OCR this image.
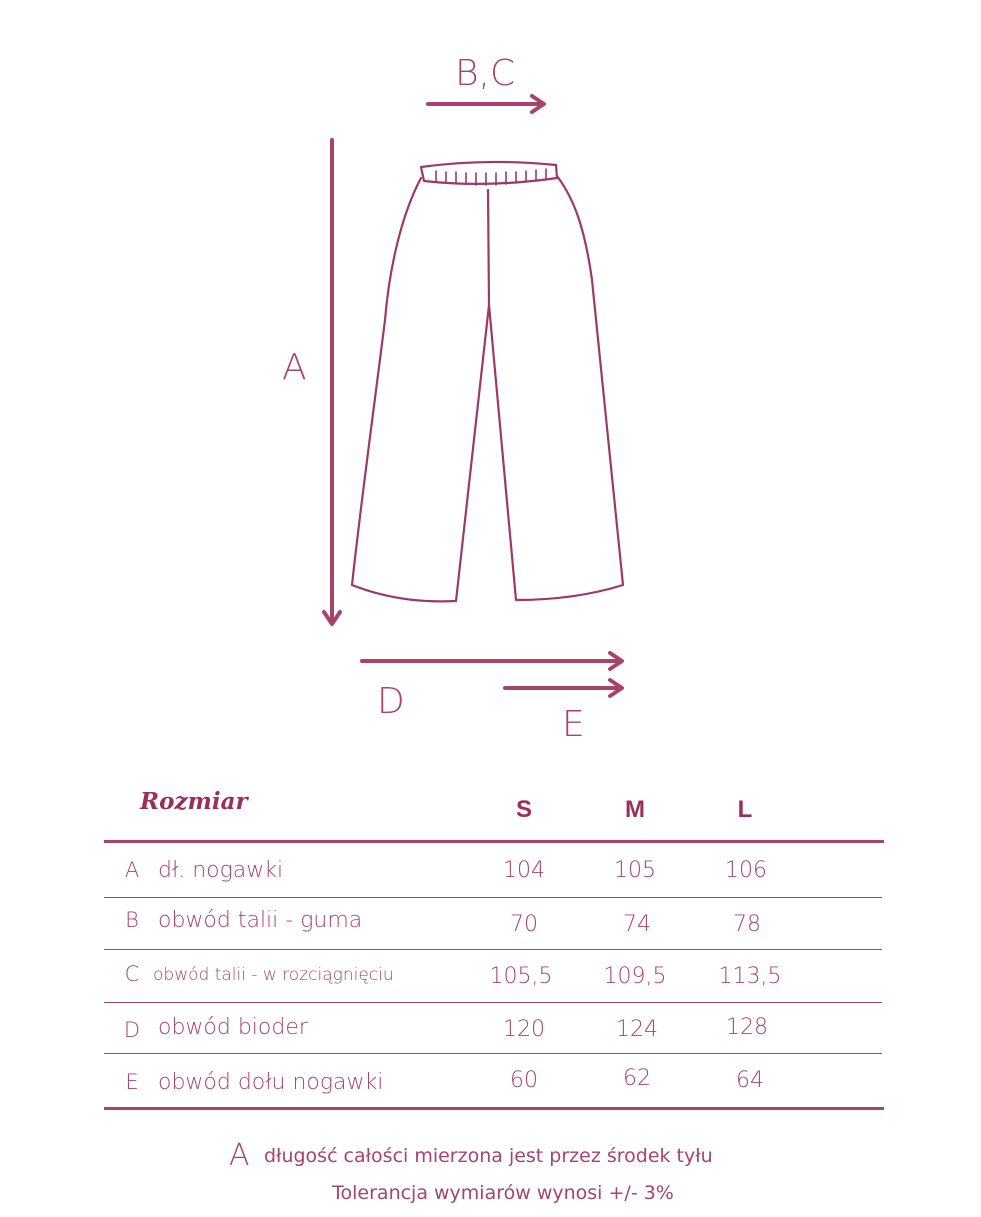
B,C
A
D
E
Rozmiar	S	M	L
A dł. nogawki	104	105	106
B obwód talii - guma	70	74	78
C obwód talii - w rozciągnięciu	105,5	109,5	113,5
D obwód bioder	120	124	128
E obwód dołu nogawki	60	62	64
A długość całości mierzona jest przez środek tyłu
Tolerancja wymiarów wynosi +/- 3%
